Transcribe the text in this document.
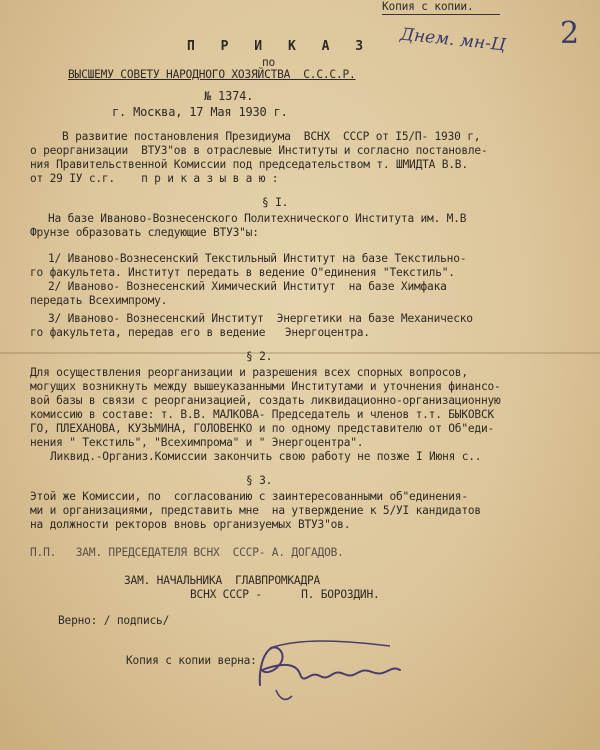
Копия с копии.
Днем. мн-Ц 2
П Р И К А З
по
ВЫСШЕМУ СОВЕТУ НАРОДНОГО ХОЗЯЙСТВА  С.С.С.Р.
№ 1374.
г. Москва, 17 Мая 1930 г.
В развитие постановления Президиума  ВСНХ  СССР от I5/П- 1930 г,
о реорганизации  ВТУЗ"ов в отраслевые Институты и согласно постановле-
ния Правительственной Комиссии под председательством т. ШМИДТА В.В.
от 29 IУ с.г.    п р и к а з ы в а ю :
§ I.
На базе Иваново-Вознесенского Политехнического Института им. М.В
Фрунзе образовать следующие ВТУЗ"ы:
1/ Иваново-Вознесенский Текстильный Институт на базе Текстильно-
го факультета. Институт передать в ведение О"единения "Текстиль".
2/ Иваново- Вознесенский Химический Институт  на базе Химфака
передать Всехимпрому.
3/ Иваново- Вознесенский Институт  Энергетики на базе Механическо
го факультета, передав его в ведение   Энергоцентра.
§ 2.
Для осуществления реорганизации и разрешения всех спорных вопросов,
могущих возникнуть между вышеуказанными Институтами и уточнения финансо-
вой базы в связи с реорганизацией, создать ликвидационно-организационную
комиссию в составе: т. В.В. МАЛКОВА- Председатель и членов т.т. БЫКОВСК
ГО, ПЛЕХАНОВА, КУЗЬМИНА, ГОЛОВЕНКО и по одному представителю от Об"еди-
нения " Текстиль", "Всехимпрома" и " Энергоцентра".
Ликвид.-Организ.Комиссии закончить свою работу не позже I Июня с..
§ 3.
Этой же Комиссии, по  согласованию с заинтересованными об"единения-
ми и организациями, представить мне  на утверждение к 5/УI кандидатов
на должности ректоров вновь организуемых ВТУЗ"ов.
П.П.   ЗАМ. ПРЕДСЕДАТЕЛЯ ВСНХ  СССР- А. ДОГАДОВ.
ЗАМ. НАЧАЛЬНИКА  ГЛАВПРОМКАДРА
ВСНХ СССР -      П. БОРОЗДИН.
Верно: / подпись/
Копия с копии верна:
